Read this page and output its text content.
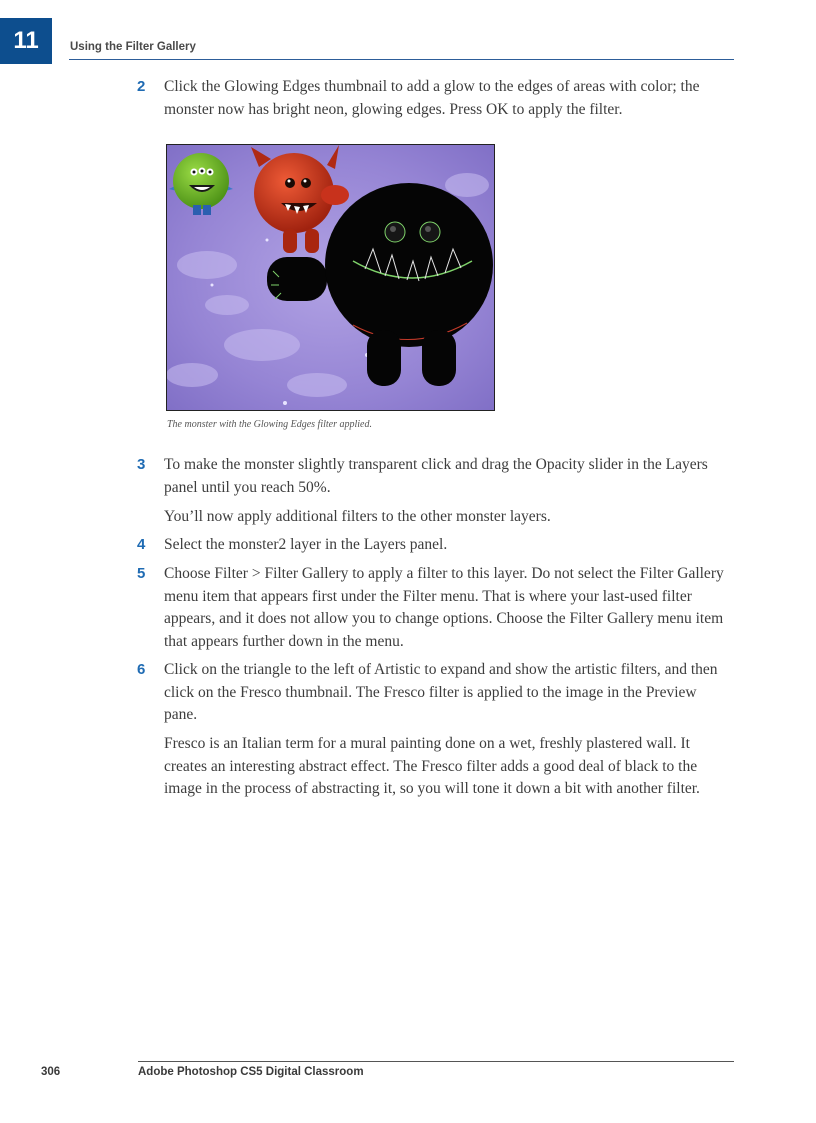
11	Using the Filter Gallery
2 Click the Glowing Edges thumbnail to add a glow to the edges of areas with color; the monster now has bright neon, glowing edges. Press OK to apply the filter.
The monster with the Glowing Edges filter applied.
3 To make the monster slightly transparent click and drag the Opacity slider in the Layers panel until you reach 50%.
You’ll now apply additional filters to the other monster layers.
4 Select the monster2 layer in the Layers panel.
5 Choose Filter > Filter Gallery to apply a filter to this layer. Do not select the Filter Gallery menu item that appears first under the Filter menu. That is where your last-used filter appears, and it does not allow you to change options. Choose the Filter Gallery menu item that appears further down in the menu.
6 Click on the triangle to the left of Artistic to expand and show the artistic filters, and then click on the Fresco thumbnail. The Fresco filter is applied to the image in the Preview pane.
Fresco is an Italian term for a mural painting done on a wet, freshly plastered wall. It creates an interesting abstract effect. The Fresco filter adds a good deal of black to the image in the process of abstracting it, so you will tone it down a bit with another filter.
306	Adobe Photoshop CS5 Digital Classroom
